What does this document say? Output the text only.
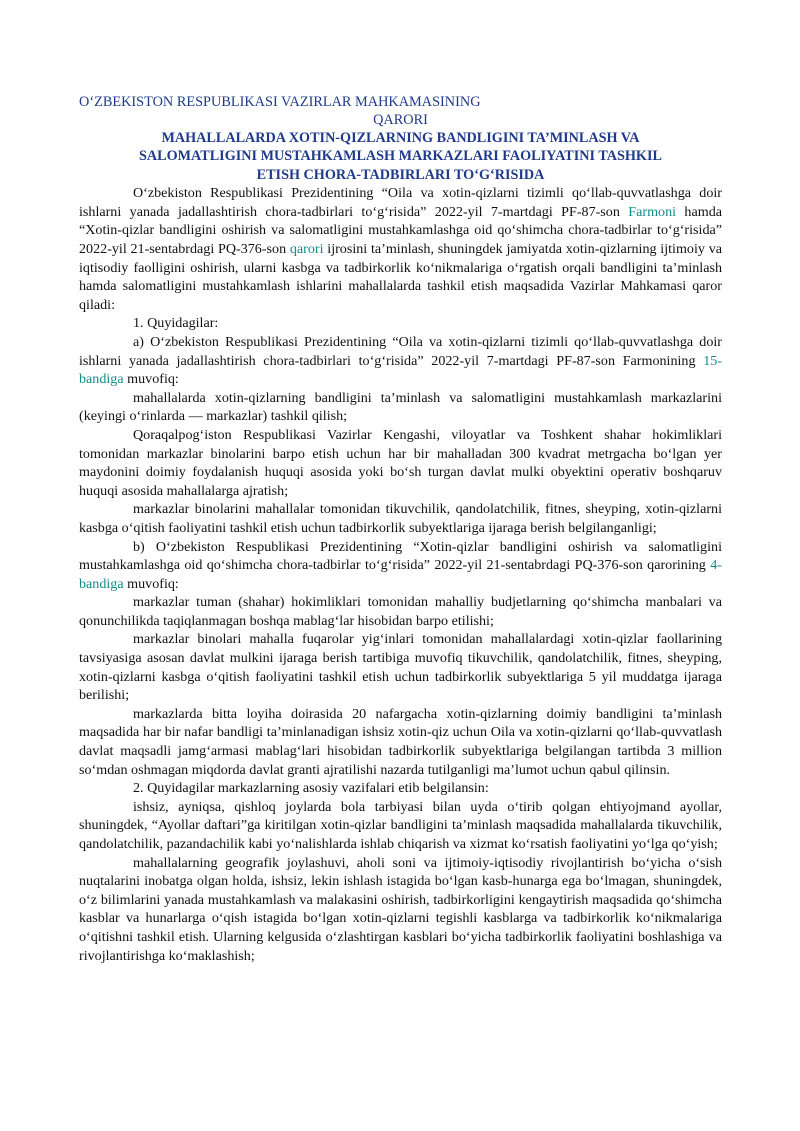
O‘ZBEKISTON RESPUBLIKASI VAZIRLAR MAHKAMASINING
QARORI
MAHALLALARDA XOTIN-QIZLARNING BANDLIGINI TA’MINLASH VA
SALOMATLIGINI MUSTAHKAMLASH MARKAZLARI FAOLIYATINI TASHKIL
ETISH CHORA-TADBIRLARI TO‘G‘RISIDA

O‘zbekiston Respublikasi Prezidentining “Oila va xotin-qizlarni tizimli qo‘llab-quvvatlashga doir ishlarni yanada jadallashtirish chora-tadbirlari to‘g‘risida” 2022-yil 7-martdagi PF-87-son Farmoni hamda “Xotin-qizlar bandligini oshirish va salomatligini mustahkamlashga oid qo‘shimcha chora-tadbirlar to‘g‘risida” 2022-yil 21-sentabrdagi PQ-376-son qarori ijrosini ta’minlash, shuningdek jamiyatda xotin-qizlarning ijtimoiy va iqtisodiy faolligini oshirish, ularni kasbga va tadbirkorlik ko‘nikmalariga o‘rgatish orqali bandligini ta’minlash hamda salomatligini mustahkamlash ishlarini mahallalarda tashkil etish maqsadida Vazirlar Mahkamasi qaror qiladi:

1. Quyidagilar:

a) O‘zbekiston Respublikasi Prezidentining “Oila va xotin-qizlarni tizimli qo‘llab-quvvatlashga doir ishlarni yanada jadallashtirish chora-tadbirlari to‘g‘risida” 2022-yil 7-martdagi PF-87-son Farmonining 15-bandiga muvofiq:

mahallalarda xotin-qizlarning bandligini ta’minlash va salomatligini mustahkamlash markazlarini (keyingi o‘rinlarda — markazlar) tashkil qilish;

Qoraqalpog‘iston Respublikasi Vazirlar Kengashi, viloyatlar va Toshkent shahar hokimliklari tomonidan markazlar binolarini barpo etish uchun har bir mahalladan 300 kvadrat metrgacha bo‘lgan yer maydonini doimiy foydalanish huquqi asosida yoki bo‘sh turgan davlat mulki obyektini operativ boshqaruv huquqi asosida mahallalarga ajratish;

markazlar binolarini mahallalar tomonidan tikuvchilik, qandolatchilik, fitnes, sheyping, xotin-qizlarni kasbga o‘qitish faoliyatini tashkil etish uchun tadbirkorlik subyektlariga ijaraga berish belgilanganligi;

b) O‘zbekiston Respublikasi Prezidentining “Xotin-qizlar bandligini oshirish va salomatligini mustahkamlashga oid qo‘shimcha chora-tadbirlar to‘g‘risida” 2022-yil 21-sentabrdagi PQ-376-son qarorining 4-bandiga muvofiq:

markazlar tuman (shahar) hokimliklari tomonidan mahalliy budjetlarning qo‘shimcha manbalari va qonunchilikda taqiqlanmagan boshqa mablag‘lar hisobidan barpo etilishi;

markazlar binolari mahalla fuqarolar yig‘inlari tomonidan mahallalardagi xotin-qizlar faollarining tavsiyasiga asosan davlat mulkini ijaraga berish tartibiga muvofiq tikuvchilik, qandolatchilik, fitnes, sheyping, xotin-qizlarni kasbga o‘qitish faoliyatini tashkil etish uchun tadbirkorlik subyektlariga 5 yil muddatga ijaraga berilishi;

markazlarda bitta loyiha doirasida 20 nafargacha xotin-qizlarning doimiy bandligini ta’minlash maqsadida har bir nafar bandligi ta’minlanadigan ishsiz xotin-qiz uchun Oila va xotin-qizlarni qo‘llab-quvvatlash davlat maqsadli jamg‘armasi mablag‘lari hisobidan tadbirkorlik subyektlariga belgilangan tartibda 3 million so‘mdan oshmagan miqdorda davlat granti ajratilishi nazarda tutilganligi ma’lumot uchun qabul qilinsin.

2. Quyidagilar markazlarning asosiy vazifalari etib belgilansin:

ishsiz, ayniqsa, qishloq joylarda bola tarbiyasi bilan uyda o‘tirib qolgan ehtiyojmand ayollar, shuningdek, “Ayollar daftari”ga kiritilgan xotin-qizlar bandligini ta’minlash maqsadida mahallalarda tikuvchilik, qandolatchilik, pazandachilik kabi yo‘nalishlarda ishlab chiqarish va xizmat ko‘rsatish faoliyatini yo‘lga qo‘yish;

mahallalarning geografik joylashuvi, aholi soni va ijtimoiy-iqtisodiy rivojlantirish bo‘yicha o‘sish nuqtalarini inobatga olgan holda, ishsiz, lekin ishlash istagida bo‘lgan kasb-hunarga ega bo‘lmagan, shuningdek, o‘z bilimlarini yanada mustahkamlash va malakasini oshirish, tadbirkorligini kengaytirish maqsadida qo‘shimcha kasblar va hunarlarga o‘qish istagida bo‘lgan xotin-qizlarni tegishli kasblarga va tadbirkorlik ko‘nikmalariga o‘qitishni tashkil etish. Ularning kelgusida o‘zlashtirgan kasblari bo‘yicha tadbirkorlik faoliyatini boshlashiga va rivojlantirishga ko‘maklashish;
